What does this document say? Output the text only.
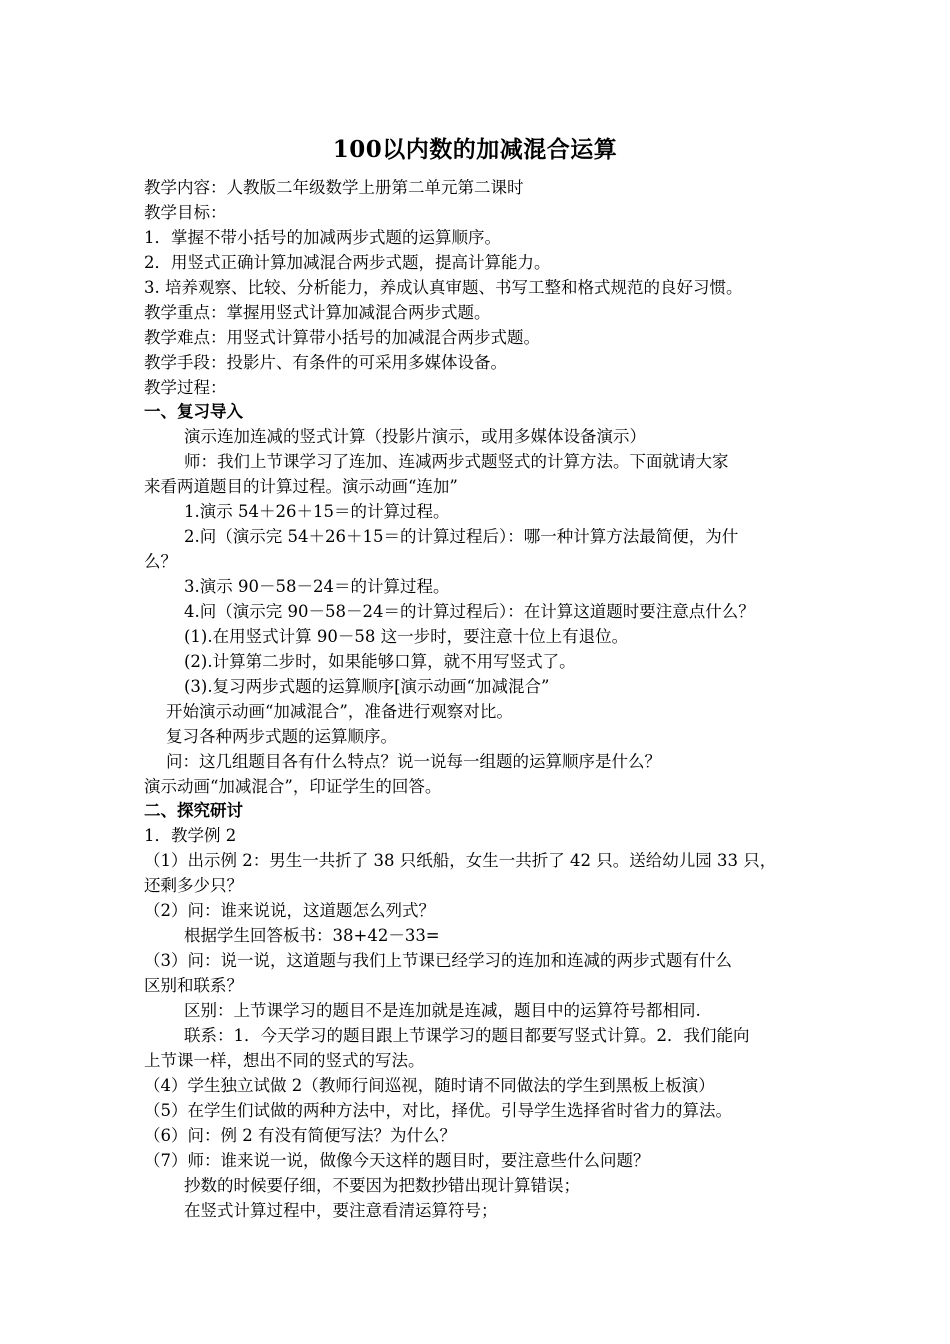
100以内数的加减混合运算
教学内容：人教版二年级数学上册第二单元第二课时
教学目标：
1．掌握不带小括号的加减两步式题的运算顺序。
2．用竖式正确计算加减混合两步式题，提高计算能力。
3. 培养观察、比较、分析能力，养成认真审题、书写工整和格式规范的良好习惯。
教学重点：掌握用竖式计算加减混合两步式题。
教学难点：用竖式计算带小括号的加减混合两步式题。
教学手段：投影片、有条件的可采用多媒体设备。
教学过程：
一、复习导入
演示连加连减的竖式计算（投影片演示，或用多媒体设备演示）
师：我们上节课学习了连加、连减两步式题竖式的计算方法。下面就请大家
来看两道题目的计算过程。演示动画“连加”
1.演示 54＋26＋15＝的计算过程。
2.问（演示完 54＋26＋15＝的计算过程后）：哪一种计算方法最简便，为什
么？
3.演示 90－58－24＝的计算过程。
4.问（演示完 90－58－24＝的计算过程后）：在计算这道题时要注意点什么？
(1).在用竖式计算 90－58 这一步时，要注意十位上有退位。
(2).计算第二步时，如果能够口算，就不用写竖式了。
(3).复习两步式题的运算顺序[演示动画“加减混合”
开始演示动画“加减混合”，准备进行观察对比。
复习各种两步式题的运算顺序。
问：这几组题目各有什么特点？说一说每一组题的运算顺序是什么？
演示动画“加减混合”，印证学生的回答。
二、探究研讨
1．教学例 2
（1）出示例 2：男生一共折了 38 只纸船，女生一共折了 42 只。送给幼儿园 33 只，
还剩多少只？
（2）问：谁来说说，这道题怎么列式？
根据学生回答板书：38+42－33=
（3）问：说一说，这道题与我们上节课已经学习的连加和连减的两步式题有什么
区别和联系？
区别：上节课学习的题目不是连加就是连减，题目中的运算符号都相同.
联系：1．今天学习的题目跟上节课学习的题目都要写竖式计算。2．我们能向
上节课一样，想出不同的竖式的写法。
（4）学生独立试做 2（教师行间巡视，随时请不同做法的学生到黑板上板演）
（5）在学生们试做的两种方法中，对比，择优。引导学生选择省时省力的算法。
（6）问：例 2 有没有简便写法？为什么？
（7）师：谁来说一说，做像今天这样的题目时，要注意些什么问题？
抄数的时候要仔细，不要因为把数抄错出现计算错误；
在竖式计算过程中，要注意看清运算符号；
